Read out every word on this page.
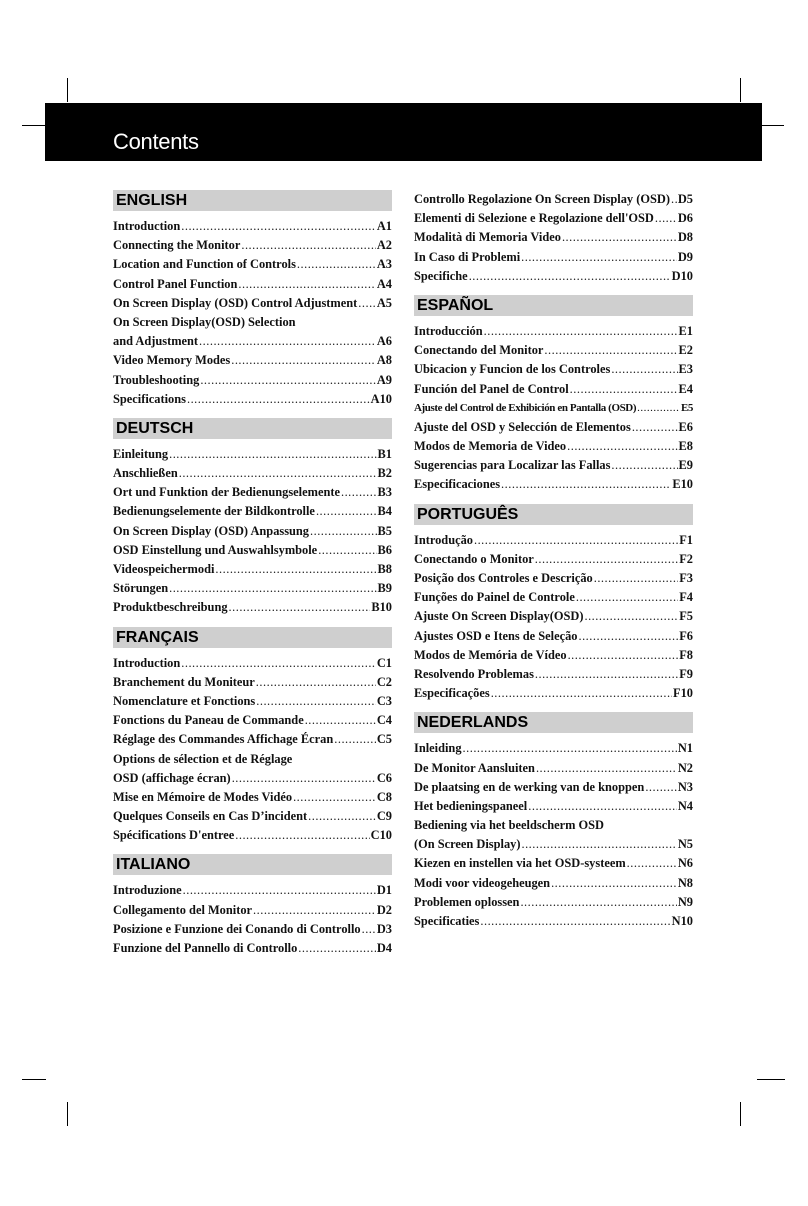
Contents
ENGLISH
Introduction .....	A1
Connecting the Monitor .....	A2
Location and Function of Controls .....	A3
Control Panel Function .....	A4
On Screen Display (OSD) Control Adjustment ..... A5
On Screen Display(OSD) Selection
and Adjustment .....	A6
Video Memory Modes .....	A8
Troubleshooting .....	A9
Specifications .....	A10
DEUTSCH
Einleitung .....	B1
Anschließen .....	B2
Ort und Funktion der Bedienungselemente .....	B3
Bedienungselemente der Bildkontrolle .....	B4
On Screen Display (OSD) Anpassung .....	B5
OSD Einstellung und Auswahlsymbole .....	B6
Videospeichermodi .....	B8
Störungen .....	B9
Produktbeschreibung .....	B10
FRANÇAIS
Introduction .....	C1
Branchement du Moniteur .....	C2
Nomenclature et Fonctions .....	C3
Fonctions du Paneau de Commande .....	C4
Réglage des Commandes Affichage Écran .....	C5
Options de sélection et de Réglage
OSD (affichage écran) .....	C6
Mise en Mémoire de Modes Vidéo .....	C8
Quelques Conseils en Cas D’incident .....	C9
Spécifications D'entree .....	C10
ITALIANO
Introduzione .....	D1
Collegamento del Monitor .....	D2
Posizione e Funzione dei Conando di Controllo ..... D3
Funzione del Pannello di Controllo .....	D4
Controllo Regolazione On Screen Display (OSD) ..... D5
Elementi di Selezione e Regolazione dell'OSD ..... D6
Modalità di Memoria Video .....	D8
In Caso di Problemi .....	D9
Specifiche .....	D10
ESPAÑOL
Introducción .....	E1
Conectando del Monitor .....	E2
Ubicacion y Funcion de los Controles .....	E3
Función del Panel de Control .....	E4
Ajuste del Control de Exhibición en Pantalla (OSD) .....	E5
Ajuste del OSD y Selección de Elementos .....	E6
Modos de Memoria de Video .....	E8
Sugerencias para Localizar las Fallas .....	E9
Especificaciones .....	E10
PORTUGUÊS
Introdução .....	F1
Conectando o Monitor .....	F2
Posição dos Controles e Descrição .....	F3
Funções do Painel de Controle .....	F4
Ajuste On Screen Display(OSD) .....	F5
Ajustes OSD e Itens de Seleção .....	F6
Modos de Memória de Vídeo .....	F8
Resolvendo Problemas .....	F9
Especificações .....	F10
NEDERLANDS
Inleiding .....	N1
De Monitor Aansluiten .....	N2
De plaatsing en de werking van de knoppen .....	N3
Het bedieningspaneel .....	N4
Bediening via het beeldscherm OSD
(On Screen Display) .....	N5
Kiezen en instellen via het OSD-systeem .....	N6
Modi voor videogeheugen .....	N8
Problemen oplossen .....	N9
Specificaties .....	N10
